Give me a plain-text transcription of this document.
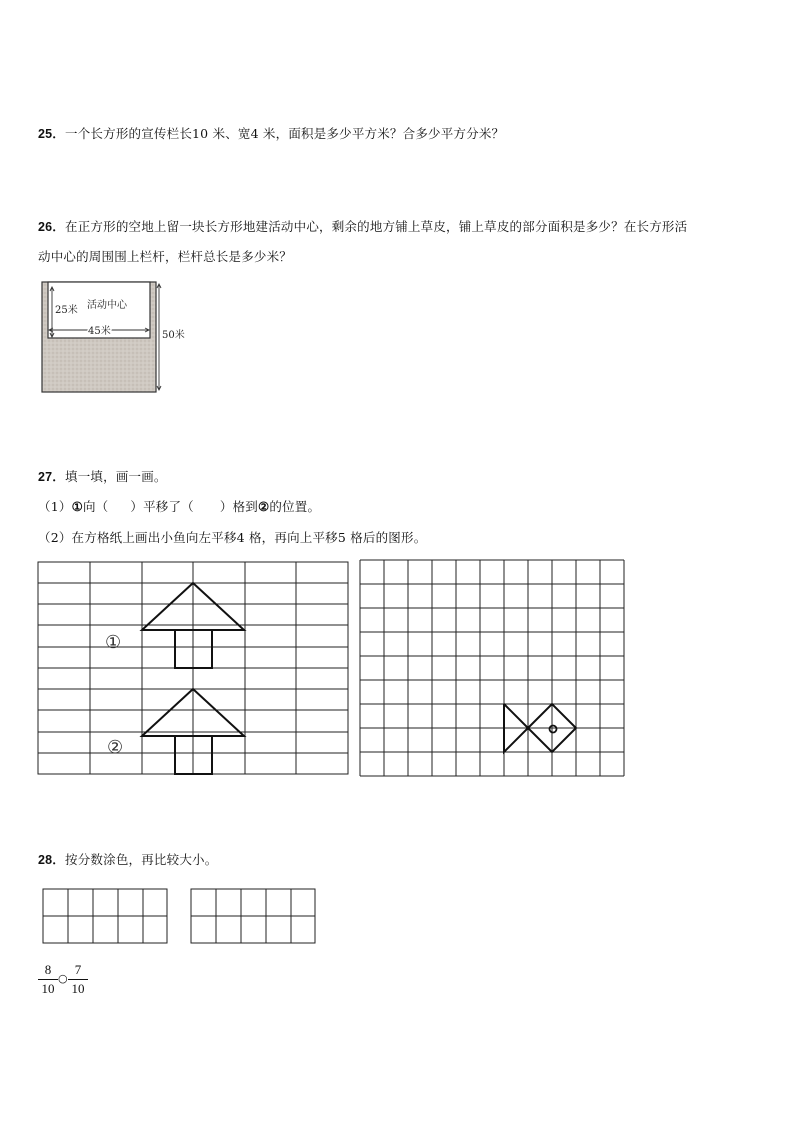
25．一个长方形的宣传栏长10 米、宽4 米，面积是多少平方米？合多少平方分米？
26．在正方形的空地上留一块长方形地建活动中心，剩余的地方铺上草皮，铺上草皮的部分面积是多少？在长方形活
动中心的周围围上栏杆，栏杆总长是多少米？
25米 活动中心
45米	50米
27．填一填，画一画。
（1）①向（ ）平移了（ ）格到②的位置。
（2）在方格纸上画出小鱼向左平移4 格，再向上平移5 格后的图形。
①
②
28．按分数涂色，再比较大小。
8
10
○
7
10
